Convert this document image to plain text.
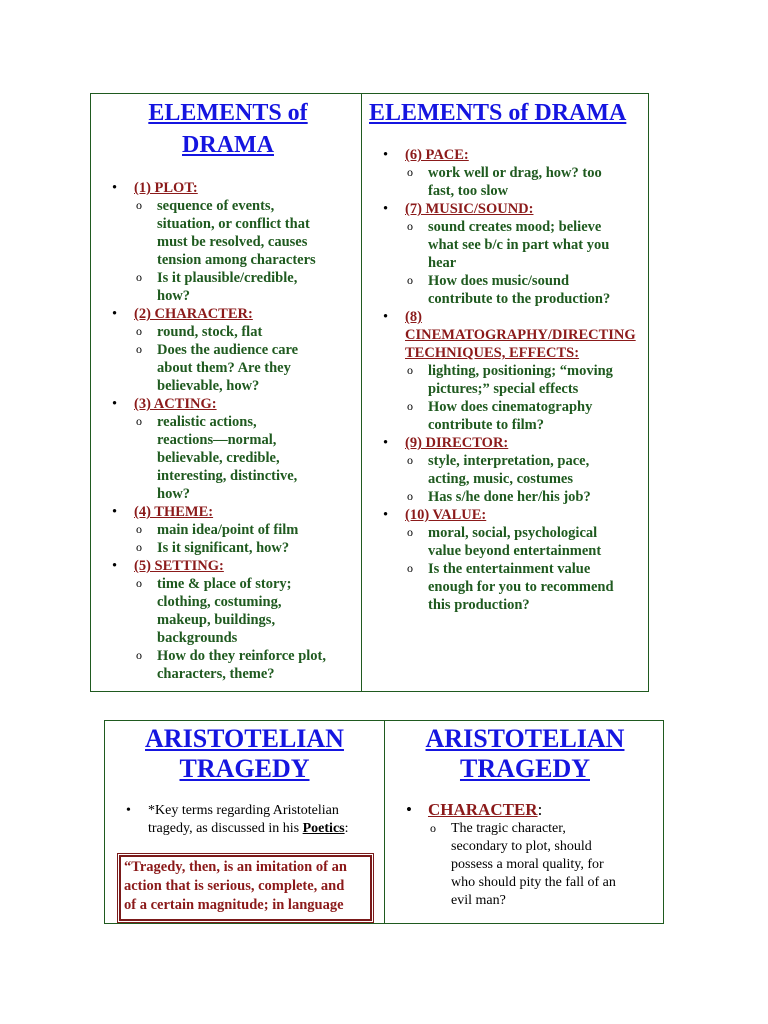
ELEMENTS of
DRAMA
• (1) PLOT:
o sequence of events,
situation, or conflict that
must be resolved, causes
tension among characters
o Is it plausible/credible,
how?
• (2) CHARACTER:
o round, stock, flat
o Does the audience care
about them? Are they
believable, how?
• (3) ACTING:
o realistic actions,
reactions—normal,
believable, credible,
interesting, distinctive,
how?
• (4) THEME:
o main idea/point of film
o Is it significant, how?
• (5) SETTING:
o time & place of story;
clothing, costuming,
makeup, buildings,
backgrounds
o How do they reinforce plot,
characters, theme?
ELEMENTS of DRAMA
• (6) PACE:
o work well or drag, how? too
fast, too slow
• (7) MUSIC/SOUND:
o sound creates mood; believe
what see b/c in part what you
hear
o How does music/sound
contribute to the production?
• (8)
CINEMATOGRAPHY/DIRECTING
TECHNIQUES, EFFECTS:
o lighting, positioning; “moving
pictures;” special effects
o How does cinematography
contribute to film?
• (9) DIRECTOR:
o style, interpretation, pace,
acting, music, costumes
o Has s/he done her/his job?
• (10) VALUE:
o moral, social, psychological
value beyond entertainment
o Is the entertainment value
enough for you to recommend
this production?
ARISTOTELIAN
TRAGEDY
• *Key terms regarding Aristotelian
tragedy, as discussed in his Poetics:
“Tragedy, then, is an imitation of an
action that is serious, complete, and
of a certain magnitude; in language
ARISTOTELIAN
TRAGEDY
• CHARACTER:
o The tragic character,
secondary to plot, should
possess a moral quality, for
who should pity the fall of an
evil man?
